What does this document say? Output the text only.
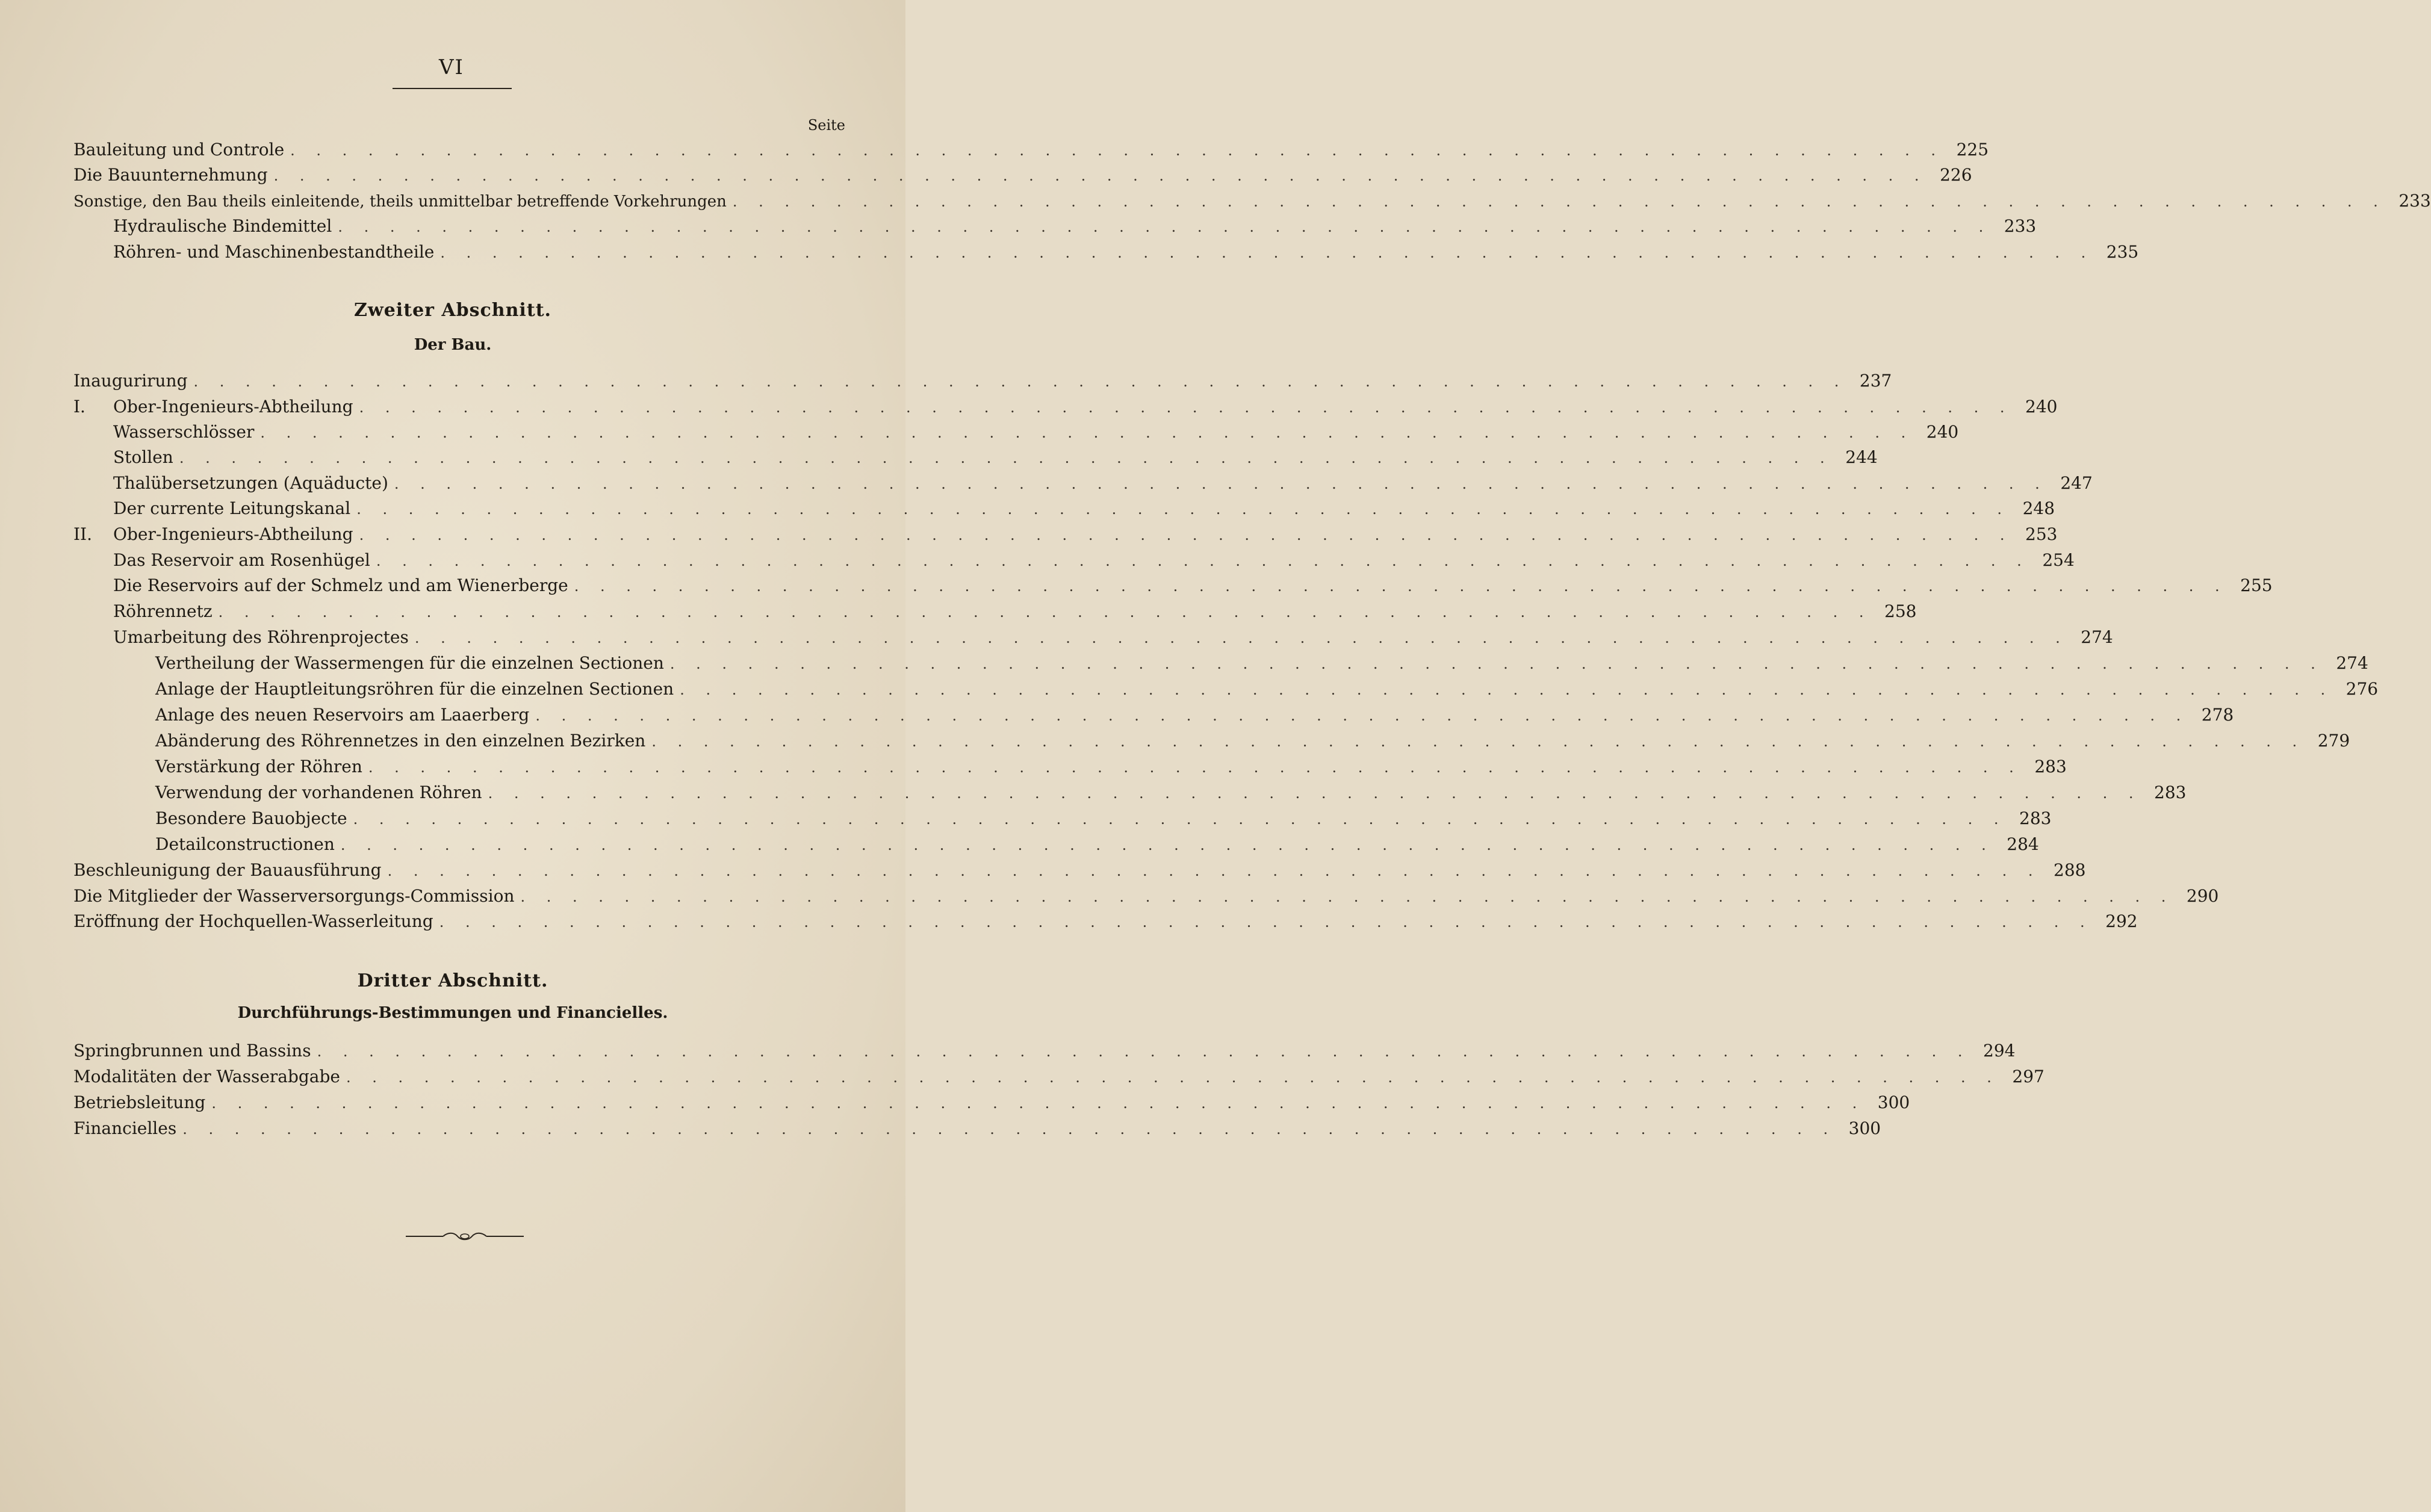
VI
Seite
Bauleitung und Controle . . . . . . . . . . . . . . . . . . . . . . . . . . . . . . . . . . . . . . . . . . . . . . . . . . . . . . . . . . . . . . . . 225
Die Bauunternehmung . . . . . . . . . . . . . . . . . . . . . . . . . . . . . . . . . . . . . . . . . . . . . . . . . . . . . . . . . . . . . . . . 226
Sonstige, den Bau theils einleitende, theils unmittelbar betreffende Vorkehrungen . . . . . . . . . . . . . . . . . . . . . . . . . . . . . . . . . . . . . . . . . . . . . . . . . . . . . . . . . . . . . . . . 233
Hydraulische Bindemittel . . . . . . . . . . . . . . . . . . . . . . . . . . . . . . . . . . . . . . . . . . . . . . . . . . . . . . . . . . . . . . . . 233
Röhren- und Maschinenbestandtheile . . . . . . . . . . . . . . . . . . . . . . . . . . . . . . . . . . . . . . . . . . . . . . . . . . . . . . . . . . . . . . . . 235
Zweiter Abschnitt.
Der Bau.
Inaugurirung . . . . . . . . . . . . . . . . . . . . . . . . . . . . . . . . . . . . . . . . . . . . . . . . . . . . . . . . . . . . . . . . 237
I. Ober-Ingenieurs-Abtheilung . . . . . . . . . . . . . . . . . . . . . . . . . . . . . . . . . . . . . . . . . . . . . . . . . . . . . . . . . . . . . . . . 240
Wasserschlösser . . . . . . . . . . . . . . . . . . . . . . . . . . . . . . . . . . . . . . . . . . . . . . . . . . . . . . . . . . . . . . . . 240
Stollen . . . . . . . . . . . . . . . . . . . . . . . . . . . . . . . . . . . . . . . . . . . . . . . . . . . . . . . . . . . . . . . . 244
Thalübersetzungen (Aquäducte) . . . . . . . . . . . . . . . . . . . . . . . . . . . . . . . . . . . . . . . . . . . . . . . . . . . . . . . . . . . . . . . . 247
Der currente Leitungskanal . . . . . . . . . . . . . . . . . . . . . . . . . . . . . . . . . . . . . . . . . . . . . . . . . . . . . . . . . . . . . . . . 248
II. Ober-Ingenieurs-Abtheilung . . . . . . . . . . . . . . . . . . . . . . . . . . . . . . . . . . . . . . . . . . . . . . . . . . . . . . . . . . . . . . . . 253
Das Reservoir am Rosenhügel . . . . . . . . . . . . . . . . . . . . . . . . . . . . . . . . . . . . . . . . . . . . . . . . . . . . . . . . . . . . . . . . 254
Die Reservoirs auf der Schmelz und am Wienerberge . . . . . . . . . . . . . . . . . . . . . . . . . . . . . . . . . . . . . . . . . . . . . . . . . . . . . . . . . . . . . . . . 255
Röhrennetz . . . . . . . . . . . . . . . . . . . . . . . . . . . . . . . . . . . . . . . . . . . . . . . . . . . . . . . . . . . . . . . . 258
Umarbeitung des Röhrenprojectes . . . . . . . . . . . . . . . . . . . . . . . . . . . . . . . . . . . . . . . . . . . . . . . . . . . . . . . . . . . . . . . . 274
Vertheilung der Wassermengen für die einzelnen Sectionen . . . . . . . . . . . . . . . . . . . . . . . . . . . . . . . . . . . . . . . . . . . . . . . . . . . . . . . . . . . . . . . . 274
Anlage der Hauptleitungsröhren für die einzelnen Sectionen . . . . . . . . . . . . . . . . . . . . . . . . . . . . . . . . . . . . . . . . . . . . . . . . . . . . . . . . . . . . . . . . 276
Anlage des neuen Reservoirs am Laaerberg . . . . . . . . . . . . . . . . . . . . . . . . . . . . . . . . . . . . . . . . . . . . . . . . . . . . . . . . . . . . . . . . 278
Abänderung des Röhrennetzes in den einzelnen Bezirken . . . . . . . . . . . . . . . . . . . . . . . . . . . . . . . . . . . . . . . . . . . . . . . . . . . . . . . . . . . . . . . . 279
Verstärkung der Röhren . . . . . . . . . . . . . . . . . . . . . . . . . . . . . . . . . . . . . . . . . . . . . . . . . . . . . . . . . . . . . . . . 283
Verwendung der vorhandenen Röhren . . . . . . . . . . . . . . . . . . . . . . . . . . . . . . . . . . . . . . . . . . . . . . . . . . . . . . . . . . . . . . . . 283
Besondere Bauobjecte . . . . . . . . . . . . . . . . . . . . . . . . . . . . . . . . . . . . . . . . . . . . . . . . . . . . . . . . . . . . . . . . 283
Detailconstructionen . . . . . . . . . . . . . . . . . . . . . . . . . . . . . . . . . . . . . . . . . . . . . . . . . . . . . . . . . . . . . . . . 284
Beschleunigung der Bauausführung . . . . . . . . . . . . . . . . . . . . . . . . . . . . . . . . . . . . . . . . . . . . . . . . . . . . . . . . . . . . . . . . 288
Die Mitglieder der Wasserversorgungs-Commission . . . . . . . . . . . . . . . . . . . . . . . . . . . . . . . . . . . . . . . . . . . . . . . . . . . . . . . . . . . . . . . . 290
Eröffnung der Hochquellen-Wasserleitung . . . . . . . . . . . . . . . . . . . . . . . . . . . . . . . . . . . . . . . . . . . . . . . . . . . . . . . . . . . . . . . . 292
Dritter Abschnitt.
Durchführungs-Bestimmungen und Financielles.
Springbrunnen und Bassins . . . . . . . . . . . . . . . . . . . . . . . . . . . . . . . . . . . . . . . . . . . . . . . . . . . . . . . . . . . . . . . . 294
Modalitäten der Wasserabgabe . . . . . . . . . . . . . . . . . . . . . . . . . . . . . . . . . . . . . . . . . . . . . . . . . . . . . . . . . . . . . . . . 297
Betriebsleitung . . . . . . . . . . . . . . . . . . . . . . . . . . . . . . . . . . . . . . . . . . . . . . . . . . . . . . . . . . . . . . . . 300
Financielles . . . . . . . . . . . . . . . . . . . . . . . . . . . . . . . . . . . . . . . . . . . . . . . . . . . . . . . . . . . . . . . . 300
